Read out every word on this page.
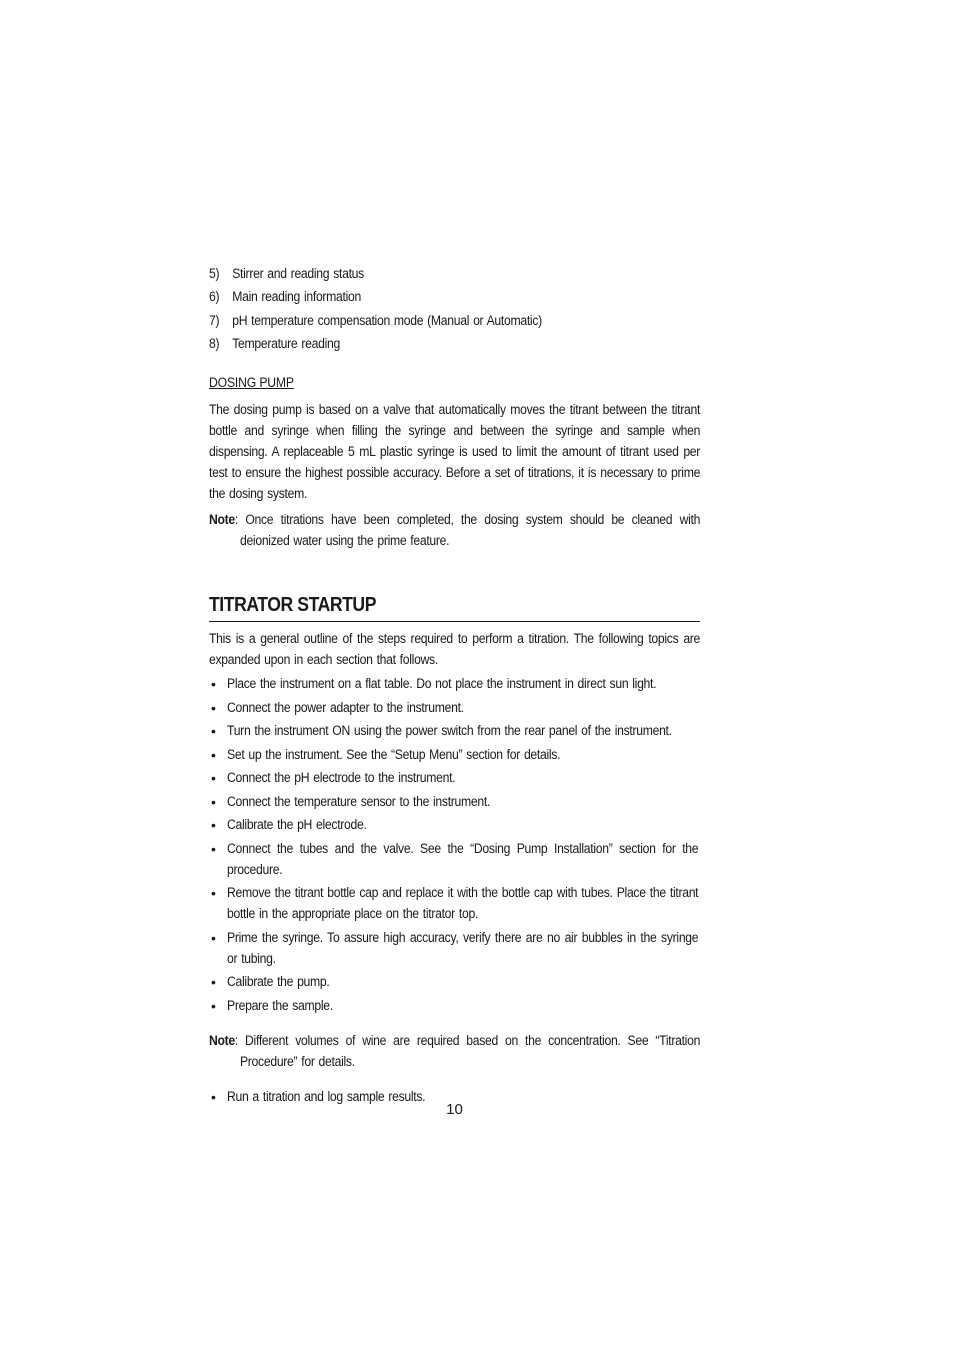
5) Stirrer and reading status
6) Main reading information
7) pH temperature compensation mode (Manual or Automatic)
8) Temperature reading
DOSING PUMP

The dosing pump is based on a valve that automatically moves the titrant between the titrant bottle and syringe when filling the syringe and between the syringe and sample when dispensing. A replaceable 5 mL plastic syringe is used to limit the amount of titrant used per test to ensure the highest possible accuracy. Before a set of titrations, it is necessary to prime the dosing system.

Note: Once titrations have been completed, the dosing system should be cleaned with deionized water using the prime feature.

TITRATOR STARTUP

This is a general outline of the steps required to perform a titration. The following topics are expanded upon in each section that follows.

• Place the instrument on a flat table. Do not place the instrument in direct sun light.
• Connect the power adapter to the instrument.
• Turn the instrument ON using the power switch from the rear panel of the instrument.
• Set up the instrument. See the “Setup Menu” section for details.
• Connect the pH electrode to the instrument.
• Connect the temperature sensor to the instrument.
• Calibrate the pH electrode.
• Connect the tubes and the valve. See the “Dosing Pump Installation” section for the procedure.
• Remove the titrant bottle cap and replace it with the bottle cap with tubes. Place the titrant bottle in the appropriate place on the titrator top.
• Prime the syringe. To assure high accuracy, verify there are no air bubbles in the syringe or tubing.
• Calibrate the pump.
• Prepare the sample.

Note: Different volumes of wine are required based on the concentration. See “Titration Procedure” for details.

• Run a titration and log sample results.
10
